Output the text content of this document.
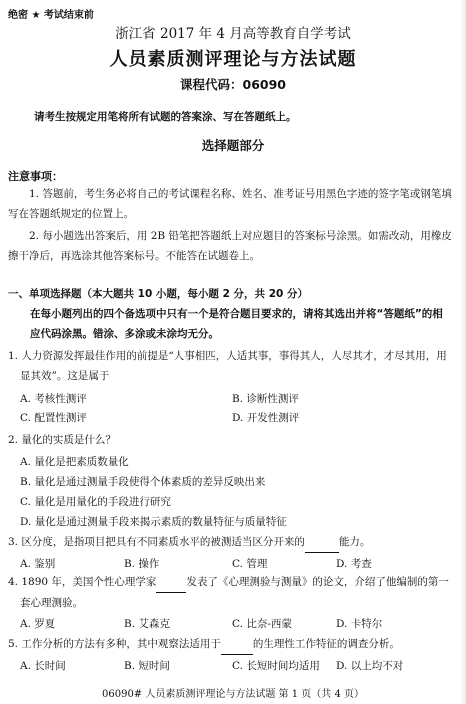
绝密 ★ 考试结束前
浙江省 2017 年 4 月高等教育自学考试
人员素质测评理论与方法试题
课程代码：06090
请考生按规定用笔将所有试题的答案涂、写在答题纸上。
选择题部分
注意事项：
1. 答题前，考生务必将自己的考试课程名称、姓名、准考证号用黑色字迹的签字笔或钢笔填写在答题纸规定的位置上。
2. 每小题选出答案后，用 2B 铅笔把答题纸上对应题目的答案标号涂黑。如需改动，用橡皮擦干净后，再选涂其他答案标号。不能答在试题卷上。
一、单项选择题（本大题共 10 小题，每小题 2 分，共 20 分）
在每小题列出的四个备选项中只有一个是符合题目要求的，请将其选出并将“答题纸”的相应代码涂黑。错涂、多涂或未涂均无分。
1. 人力资源发挥最佳作用的前提是“人事相匹，人适其事，事得其人，人尽其才，才尽其用，用
显其效”。这是属于
A. 考核性测评	B. 诊断性测评
C. 配置性测评	D. 开发性测评
2. 量化的实质是什么？
A. 量化是把素质数量化
B. 量化是通过测量手段使得个体素质的差异反映出来
C. 量化是用量化的手段进行研究
D. 量化是通过测量手段来揭示素质的数量特征与质量特征
3. 区分度，是指项目把具有不同素质水平的被测适当区分开来的	能力。
A. 鉴别	B. 操作	C. 管理	D. 考查
4. 1890 年，美国个性心理学家	发表了《心理测验与测量》的论文，介绍了他编制的第一
套心理测验。
A. 罗夏	B. 艾森克	C. 比奈-西蒙	D. 卡特尔
5. 工作分析的方法有多种，其中观察法适用于	的生理性工作特征的调查分析。
A. 长时间	B. 短时间	C. 长短时间均适用 D. 以上均不对
06090# 人员素质测评理论与方法试题 第 1 页（共 4 页）
